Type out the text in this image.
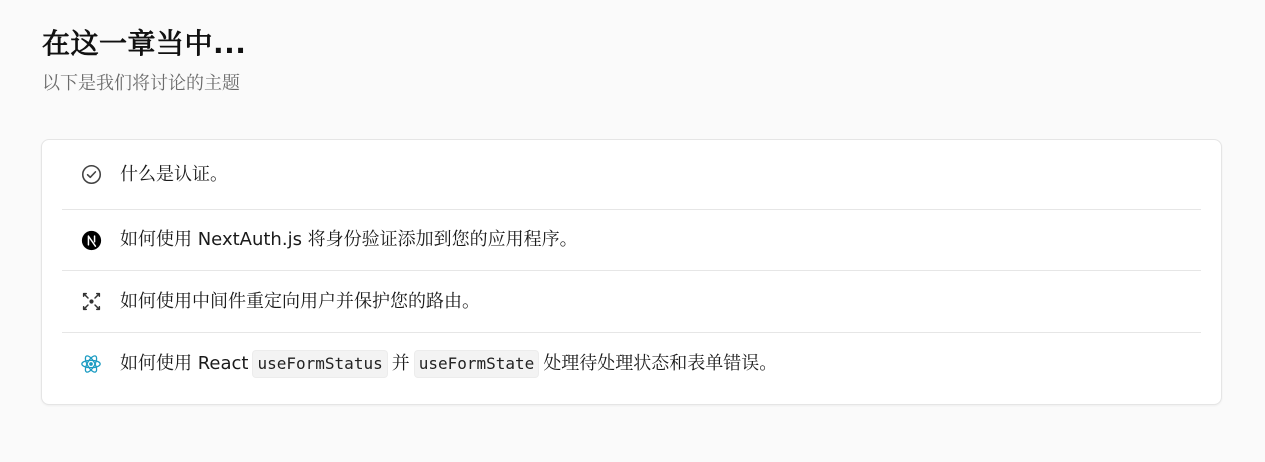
在这一章当中...
以下是我们将讨论的主题
什么是认证。
如何使用 NextAuth.js 将身份验证添加到您的应用程序。
如何使用中间件重定向用户并保护您的路由。
如何使用 React useFormStatus 并 useFormState 处理待处理状态和表单错误。
